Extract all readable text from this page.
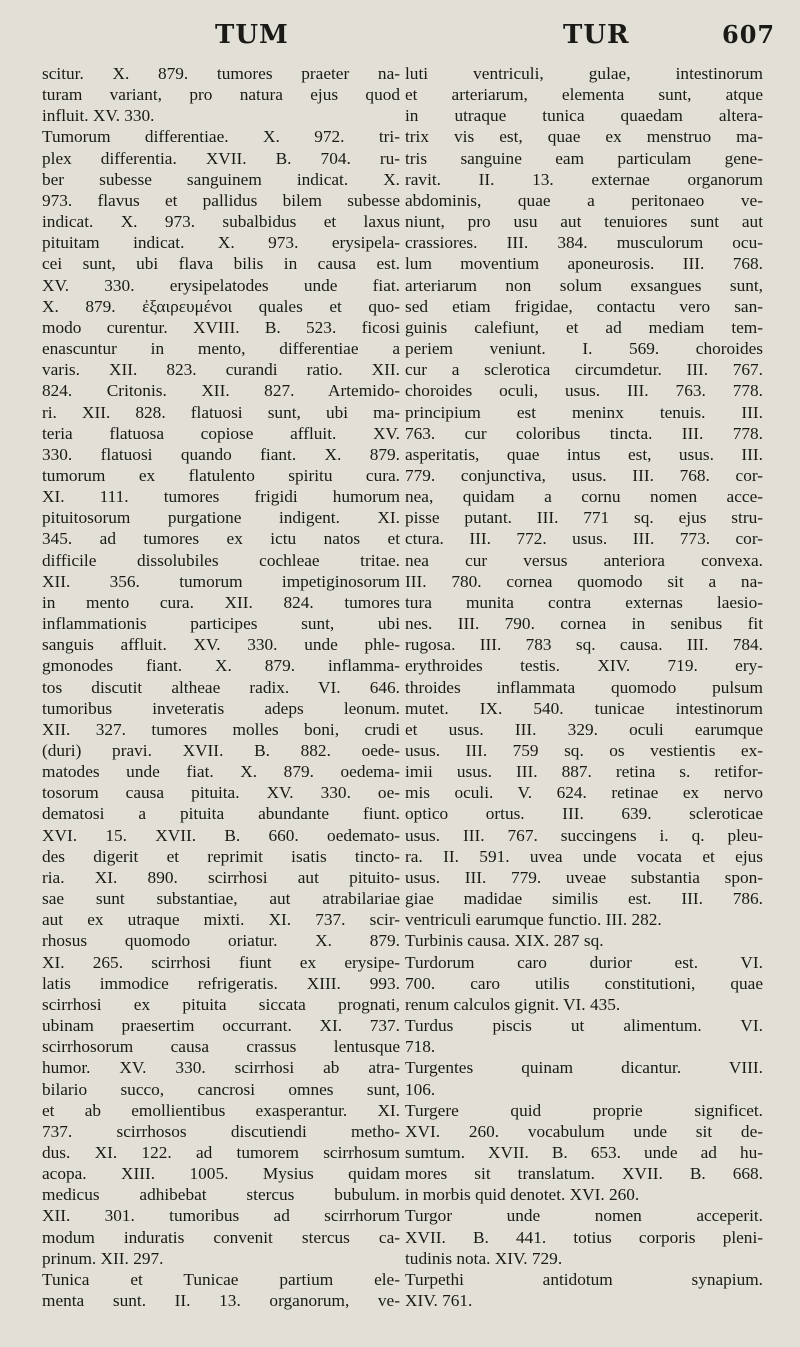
TUM	TUR	607
scitur. X. 879. tumores praeter na-
turam variant, pro natura ejus quod
influit. XV. 330.
Tumorum differentiae. X. 972. tri-
plex differentia. XVII. B. 704. ru-
ber subesse sanguinem indicat. X.
973. flavus et pallidus bilem subesse
indicat. X. 973. subalbidus et laxus
pituitam indicat. X. 973. erysipela-
cei sunt, ubi flava bilis in causa est.
XV. 330. erysipelatodes unde fiat.
X. 879. ἐξαιρευμένοι quales et quo-
modo curentur. XVIII. B. 523. ficosi
enascuntur in mento, differentiae a
varis. XII. 823. curandi ratio. XII.
824. Critonis. XII. 827. Artemido-
ri. XII. 828. flatuosi sunt, ubi ma-
teria flatuosa copiose affluit. XV.
330. flatuosi quando fiant. X. 879.
tumorum ex flatulento spiritu cura.
XI. 111. tumores frigidi humorum
pituitosorum purgatione indigent. XI.
345. ad tumores ex ictu natos et
difficile dissolubiles cochleae tritae.
XII. 356. tumorum impetiginosorum
in mento cura. XII. 824. tumores
inflammationis participes sunt, ubi
sanguis affluit. XV. 330. unde phle-
gmonodes fiant. X. 879. inflamma-
tos discutit altheae radix. VI. 646.
tumoribus inveteratis adeps leonum.
XII. 327. tumores molles boni, crudi
(duri) pravi. XVII. B. 882. oede-
matodes unde fiat. X. 879. oedema-
tosorum causa pituita. XV. 330. oe-
dematosi a pituita abundante fiunt.
XVI. 15. XVII. B. 660. oedemato-
des digerit et reprimit isatis tincto-
ria. XI. 890. scirrhosi aut pituito-
sae sunt substantiae, aut atrabilariae
aut ex utraque mixti. XI. 737. scir-
rhosus quomodo oriatur. X. 879.
XI. 265. scirrhosi fiunt ex erysipe-
latis immodice refrigeratis. XIII. 993.
scirrhosi ex pituita siccata prognati,
ubinam praesertim occurrant. XI. 737.
scirrhosorum causa crassus lentusque
humor. XV. 330. scirrhosi ab atra-
bilario succo, cancrosi omnes sunt,
et ab emollientibus exasperantur. XI.
737. scirrhosos discutiendi metho-
dus. XI. 122. ad tumorem scirrhosum
acopa. XIII. 1005. Mysius quidam
medicus adhibebat stercus bubulum.
XII. 301. tumoribus ad scirrhorum
modum induratis convenit stercus ca-
prinum. XII. 297.
Tunica et Tunicae partium ele-
menta sunt. II. 13. organorum, ve-
luti ventriculi, gulae, intestinorum
et arteriarum, elementa sunt, atque
in utraque tunica quaedam altera-
trix vis est, quae ex menstruo ma-
tris sanguine eam particulam gene-
ravit. II. 13. externae organorum
abdominis, quae a peritonaeo ve-
niunt, pro usu aut tenuiores sunt aut
crassiores. III. 384. musculorum ocu-
lum moventium aponeurosis. III. 768.
arteriarum non solum exsangues sunt,
sed etiam frigidae, contactu vero san-
guinis calefiunt, et ad mediam tem-
periem veniunt. I. 569. choroides
cur a sclerotica circumdetur. III. 767.
choroides oculi, usus. III. 763. 778.
principium est meninx tenuis. III.
763. cur coloribus tincta. III. 778.
asperitatis, quae intus est, usus. III.
779. conjunctiva, usus. III. 768. cor-
nea, quidam a cornu nomen acce-
pisse putant. III. 771 sq. ejus stru-
ctura. III. 772. usus. III. 773. cor-
nea cur versus anteriora convexa.
III. 780. cornea quomodo sit a na-
tura munita contra externas laesio-
nes. III. 790. cornea in senibus fit
rugosa. III. 783 sq. causa. III. 784.
erythroides testis. XIV. 719. ery-
throides inflammata quomodo pulsum
mutet. IX. 540. tunicae intestinorum
et usus. III. 329. oculi earumque
usus. III. 759 sq. os vestientis ex-
imii usus. III. 887. retina s. retifor-
mis oculi. V. 624. retinae ex nervo
optico ortus. III. 639. scleroticae
usus. III. 767. succingens i. q. pleu-
ra. II. 591. uvea unde vocata et ejus
usus. III. 779. uveae substantia spon-
giae madidae similis est. III. 786.
ventriculi earumque functio. III. 282.
Turbinis causa. XIX. 287 sq.
Turdorum caro durior est. VI.
700. caro utilis constitutioni, quae
renum calculos gignit. VI. 435.
Turdus piscis ut alimentum. VI.
718.
Turgentes quinam dicantur. VIII.
106.
Turgere quid proprie significet.
XVI. 260. vocabulum unde sit de-
sumtum. XVII. B. 653. unde ad hu-
mores sit translatum. XVII. B. 668.
in morbis quid denotet. XVI. 260.
Turgor unde nomen acceperit.
XVII. B. 441. totius corporis pleni-
tudinis nota. XIV. 729.
Turpethi antidotum synapium.
XIV. 761.
